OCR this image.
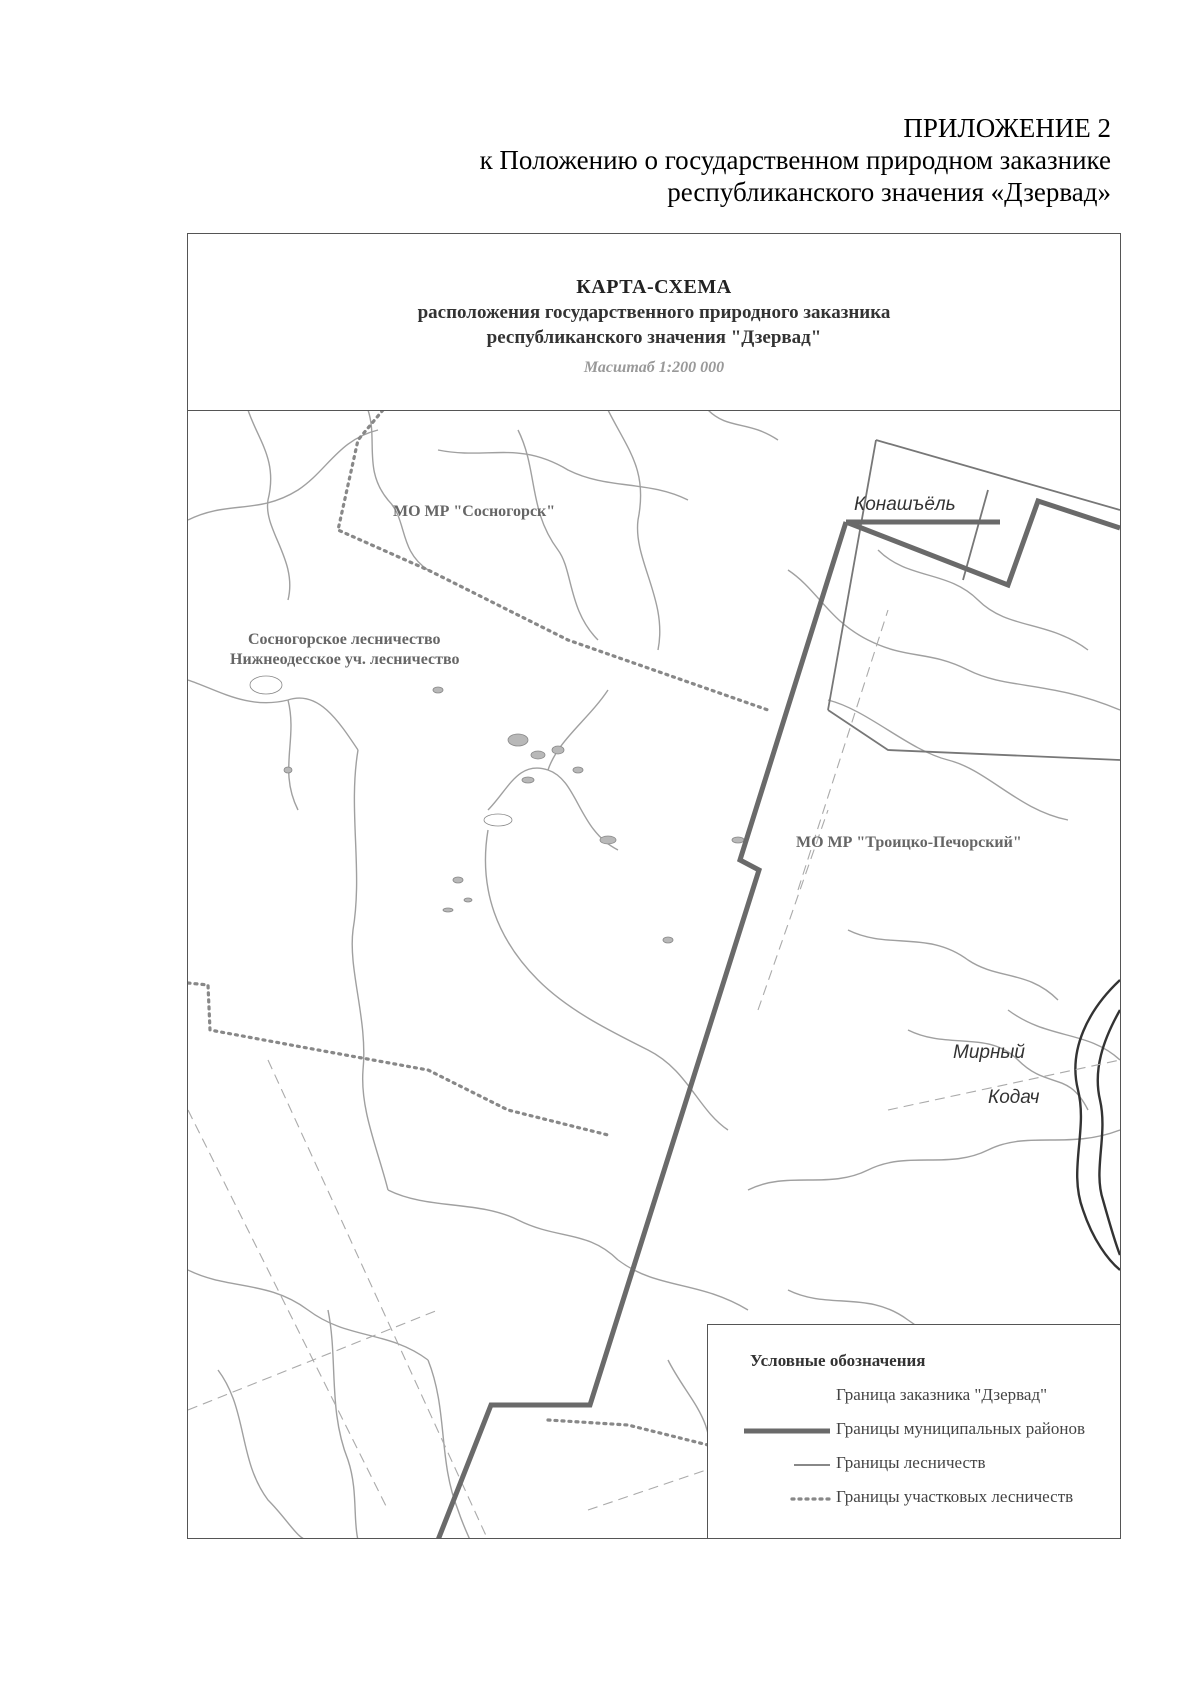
ПРИЛОЖЕНИЕ 2
к Положению о государственном природном заказнике
республиканского значения «Дзервад»
КАРТА-СХЕМА
расположения государственного природного заказника
республиканского значения "Дзервад"
Масштаб 1:200 000
МО МР "Сосногорск"
Сосногорское лесничество
Нижнеодесское уч. лесничество
МО МР "Троицко-Печорский"
Конашъёль
Мирный
Кодач
Условные обозначения
Граница заказника "Дзервад"
Границы муниципальных районов
Границы лесничеств
Границы участковых лесничеств
